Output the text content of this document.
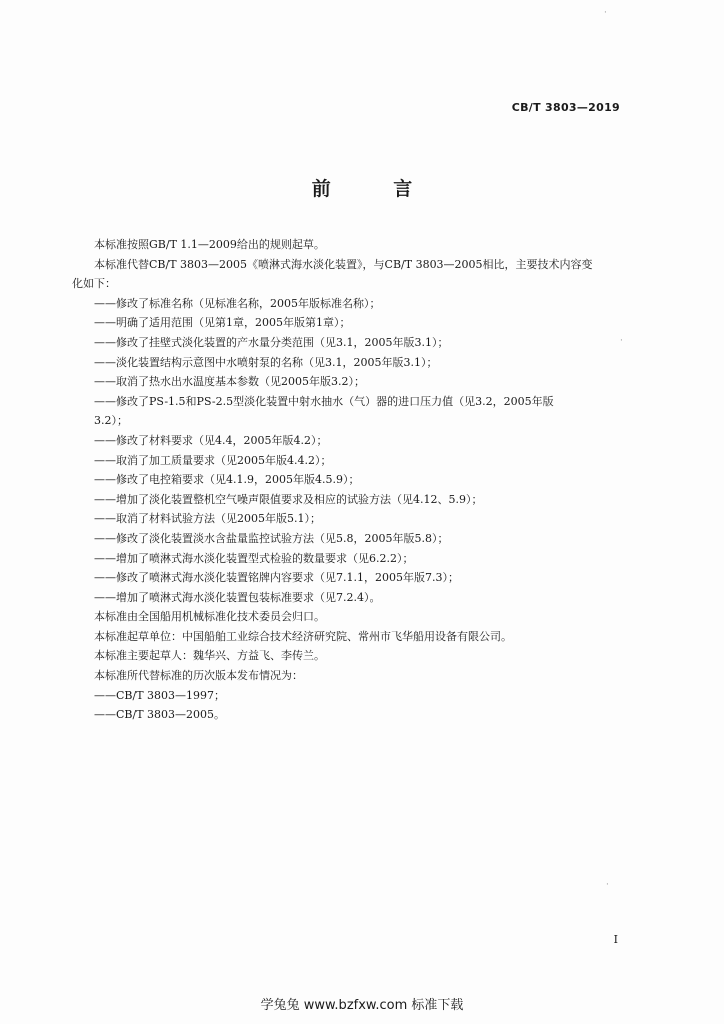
CB/T 3803—2019
前 言
本标准按照GB/T 1.1—2009给出的规则起草。
本标准代替CB/T 3803—2005《喷淋式海水淡化装置》，与CB/T 3803—2005相比，主要技术内容变
化如下：
——修改了标准名称（见标准名称，2005年版标准名称）；
——明确了适用范围（见第1章，2005年版第1章）；
——修改了挂壁式淡化装置的产水量分类范围（见3.1，2005年版3.1）；
——淡化装置结构示意图中水喷射泵的名称（见3.1，2005年版3.1）；
——取消了热水出水温度基本参数（见2005年版3.2）；
——修改了PS-1.5和PS-2.5型淡化装置中射水抽水（气）器的进口压力值（见3.2，2005年版
3.2）；
——修改了材料要求（见4.4，2005年版4.2）；
——取消了加工质量要求（见2005年版4.4.2）；
——修改了电控箱要求（见4.1.9，2005年版4.5.9）；
——增加了淡化装置整机空气噪声限值要求及相应的试验方法（见4.12、5.9）；
——取消了材料试验方法（见2005年版5.1）；
——修改了淡化装置淡水含盐量监控试验方法（见5.8，2005年版5.8）；
——增加了喷淋式海水淡化装置型式检验的数量要求（见6.2.2）；
——修改了喷淋式海水淡化装置铭牌内容要求（见7.1.1，2005年版7.3）；
——增加了喷淋式海水淡化装置包装标准要求（见7.2.4）。
本标准由全国船用机械标准化技术委员会归口。
本标准起草单位：中国船舶工业综合技术经济研究院、常州市飞华船用设备有限公司。
本标准主要起草人：魏华兴、方益飞、李传兰。
本标准所代替标准的历次版本发布情况为：
——CB/T 3803—1997；
——CB/T 3803—2005。
I
学兔兔 www.bzfxw.com 标准下载
·
·
·
